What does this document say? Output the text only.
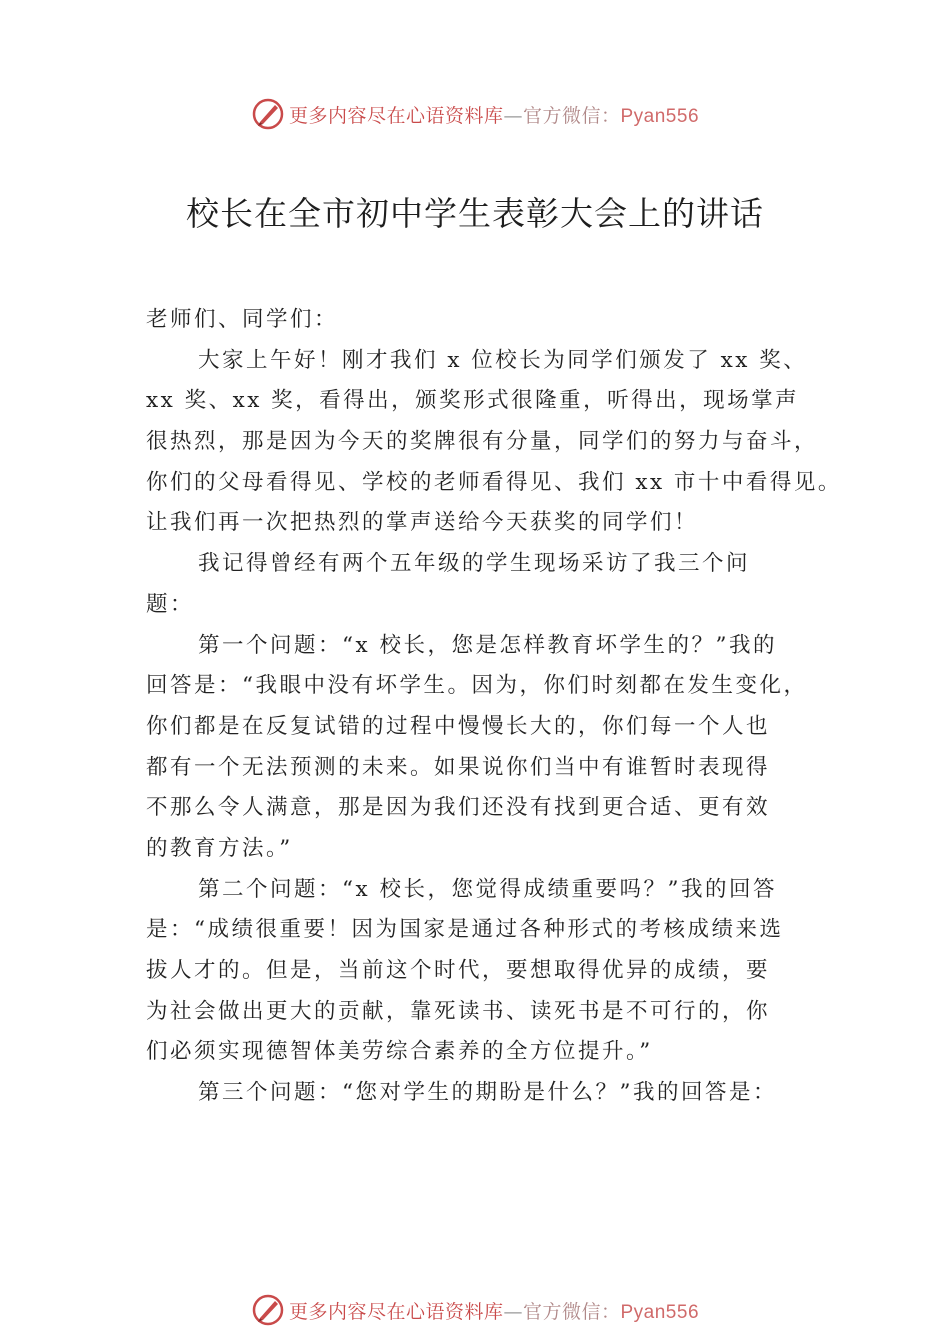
更多内容尽在心语资料库—官方微信：Pyan556
校长在全市初中学生表彰大会上的讲话
老师们、同学们：
大家上午好！刚才我们 x 位校长为同学们颁发了 xx 奖、
xx 奖、xx 奖，看得出，颁奖形式很隆重，听得出，现场掌声
很热烈，那是因为今天的奖牌很有分量，同学们的努力与奋斗，
你们的父母看得见、学校的老师看得见、我们 xx 市十中看得见。
让我们再一次把热烈的掌声送给今天获奖的同学们！
我记得曾经有两个五年级的学生现场采访了我三个问
题：
第一个问题：“x 校长，您是怎样教育坏学生的？”我的
回答是：“我眼中没有坏学生。因为，你们时刻都在发生变化，
你们都是在反复试错的过程中慢慢长大的，你们每一个人也
都有一个无法预测的未来。如果说你们当中有谁暂时表现得
不那么令人满意，那是因为我们还没有找到更合适、更有效
的教育方法。”
第二个问题：“x 校长，您觉得成绩重要吗？”我的回答
是：“成绩很重要！因为国家是通过各种形式的考核成绩来选
拔人才的。但是，当前这个时代，要想取得优异的成绩，要
为社会做出更大的贡献，靠死读书、读死书是不可行的，你
们必须实现德智体美劳综合素养的全方位提升。”
第三个问题：“您对学生的期盼是什么？”我的回答是：
更多内容尽在心语资料库—官方微信：Pyan556
